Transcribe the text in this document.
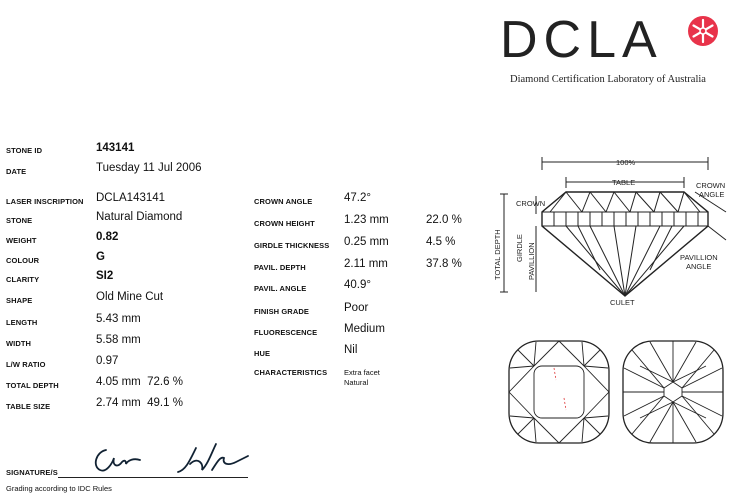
DCLA
Diamond Certification Laboratory of Australia
STONE ID	143141
DATE	Tuesday 11 Jul 2006
LASER INSCRIPTION DCLA143141
STONE	Natural Diamond
WEIGHT	0.82
COLOUR	G
CLARITY	SI2
SHAPE	Old Mine Cut
LENGTH	5.43 mm
WIDTH	5.58 mm
L/W RATIO	0.97
TOTAL DEPTH	4.05 mm  72.6 %
TABLE SIZE	2.74 mm  49.1 %
CROWN ANGLE	47.2°
CROWN HEIGHT	1.23 mm	22.0 %
GIRDLE THICKNESS 0.25 mm	4.5 %
PAVIL. DEPTH	2.11 mm	37.8 %
PAVIL. ANGLE	40.9°
FINISH GRADE	Poor
FLUORESCENCE Medium
HUE	Nil
CHARACTERISTICS Extra facet
Natural
100%
TABLE	CROWN
ANGLE
CROWN
PAVILLION
ANGLE
CULET
TOTAL DEPTH GIRDLE PAVILLION
SIGNATURE/S
Grading according to IDC Rules
